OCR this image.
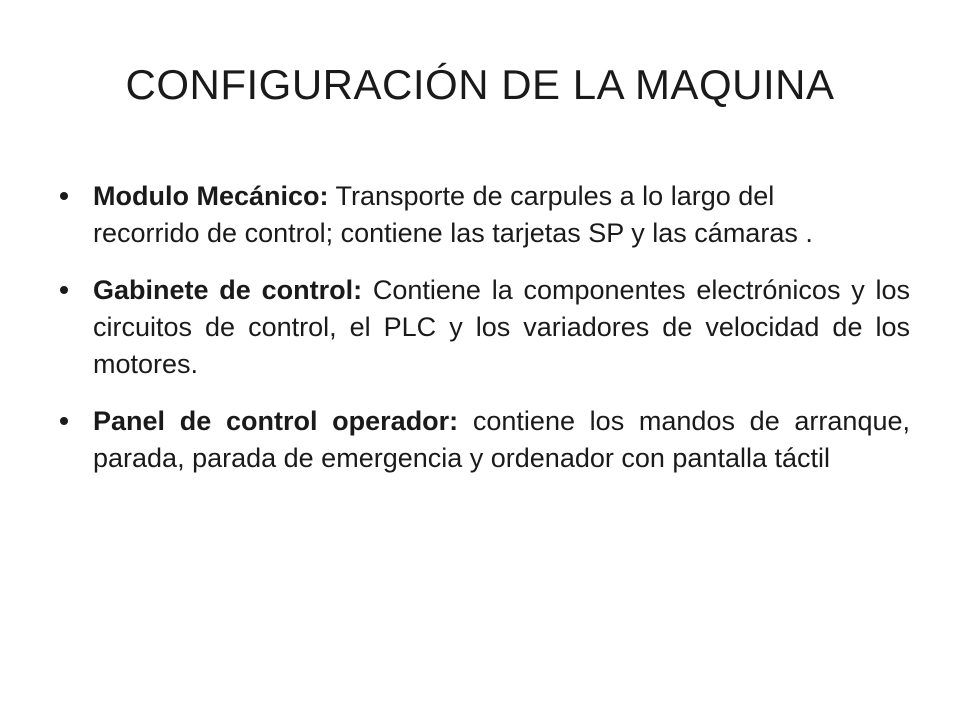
CONFIGURACIÓN DE LA MAQUINA
Modulo Mecánico: Transporte de carpules a lo largo del recorrido de control; contiene las tarjetas SP y las cámaras .
Gabinete de control: Contiene la componentes electrónicos y los circuitos de control, el PLC y los variadores de velocidad de los motores.
Panel de control operador: contiene los mandos de arranque, parada, parada de emergencia y ordenador con pantalla táctil
